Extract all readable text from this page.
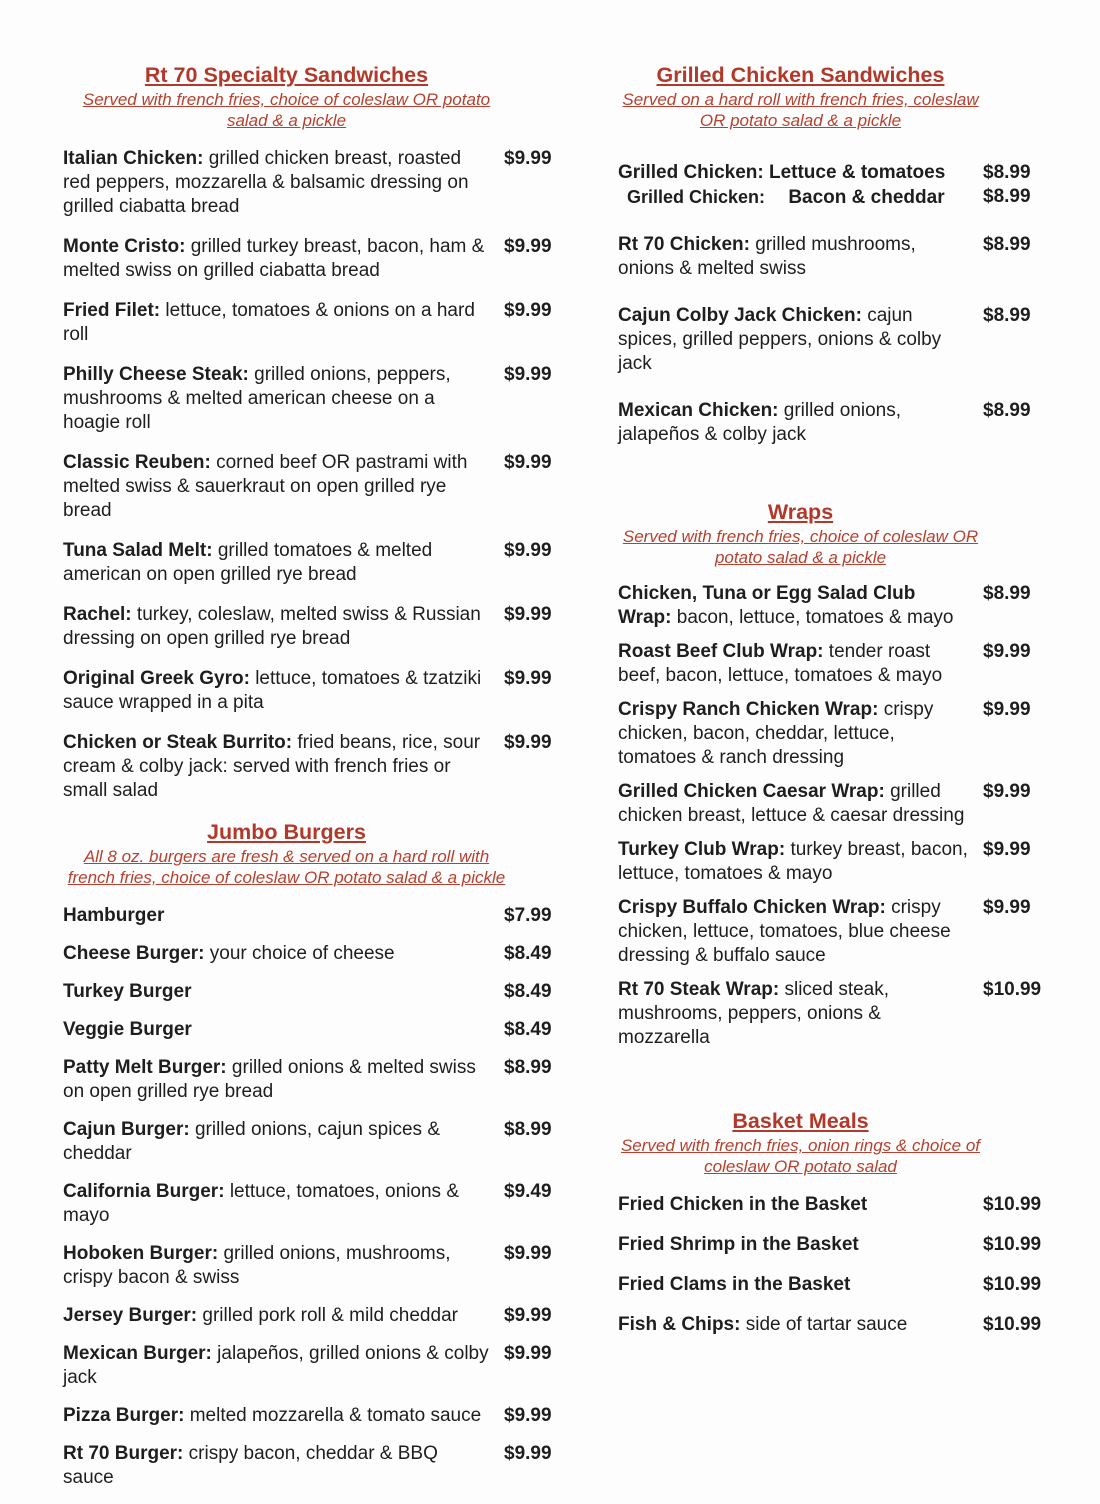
Rt 70 Specialty Sandwiches
Served with french fries, choice of coleslaw OR potato salad & a pickle
Italian Chicken: grilled chicken breast, roasted red peppers, mozzarella & balsamic dressing on grilled ciabatta bread
$9.99
Monte Cristo: grilled turkey breast, bacon, ham & melted swiss on grilled ciabatta bread
$9.99
Fried Filet: lettuce, tomatoes & onions on a hard roll
$9.99
Philly Cheese Steak: grilled onions, peppers, mushrooms & melted american cheese on a hoagie roll
$9.99
Classic Reuben: corned beef OR pastrami with melted swiss & sauerkraut on open grilled rye bread
$9.99
Tuna Salad Melt: grilled tomatoes & melted american on open grilled rye bread
$9.99
Rachel: turkey, coleslaw, melted swiss & Russian dressing on open grilled rye bread
$9.99
Original Greek Gyro: lettuce, tomatoes & tzatziki sauce wrapped in a pita
$9.99
Chicken or Steak Burrito: fried beans, rice, sour cream & colby jack: served with french fries or small salad
$9.99
Jumbo Burgers
All 8 oz. burgers are fresh & served on a hard roll with french fries, choice of coleslaw OR potato salad & a pickle
Hamburger	$7.99
Cheese Burger: your choice of cheese	$8.49
Turkey Burger	$8.49
Veggie Burger	$8.49
Patty Melt Burger: grilled onions & melted swiss on open grilled rye bread
$8.99
Cajun Burger: grilled onions, cajun spices & cheddar
$8.99
California Burger: lettuce, tomatoes, onions & mayo
$9.49
Hoboken Burger: grilled onions, mushrooms, crispy bacon & swiss
$9.99
Jersey Burger: grilled pork roll & mild cheddar	$9.99
Mexican Burger: jalapeños, grilled onions & colby jack
$9.99
Pizza Burger: melted mozzarella & tomato sauce	$9.99
Rt 70 Burger: crispy bacon, cheddar & BBQ sauce
$9.99
Grilled Chicken Sandwiches
Served on a hard roll with french fries, coleslaw OR potato salad & a pickle
Grilled Chicken: Lettuce & tomatoes	$8.99
Grilled Chicken: Bacon & cheddar	$8.99
Rt 70 Chicken: grilled mushrooms, onions & melted swiss
$8.99
Cajun Colby Jack Chicken: cajun spices, grilled peppers, onions & colby jack
$8.99
Mexican Chicken: grilled onions, jalapeños & colby jack
$8.99
Wraps
Served with french fries, choice of coleslaw OR potato salad & a pickle
Chicken, Tuna or Egg Salad Club Wrap: bacon, lettuce, tomatoes & mayo
$8.99
Roast Beef Club Wrap: tender roast beef, bacon, lettuce, tomatoes & mayo
$9.99
Crispy Ranch Chicken Wrap: crispy chicken, bacon, cheddar, lettuce, tomatoes & ranch dressing
$9.99
Grilled Chicken Caesar Wrap: grilled chicken breast, lettuce & caesar dressing
$9.99
Turkey Club Wrap: turkey breast, bacon, lettuce, tomatoes & mayo
$9.99
Crispy Buffalo Chicken Wrap: crispy chicken, lettuce, tomatoes, blue cheese dressing & buffalo sauce
$9.99
Rt 70 Steak Wrap: sliced steak, mushrooms, peppers, onions & mozzarella
$10.99
Basket Meals
Served with french fries, onion rings & choice of coleslaw OR potato salad
Fried Chicken in the Basket	$10.99
Fried Shrimp in the Basket	$10.99
Fried Clams in the Basket	$10.99
Fish & Chips: side of tartar sauce	$10.99
